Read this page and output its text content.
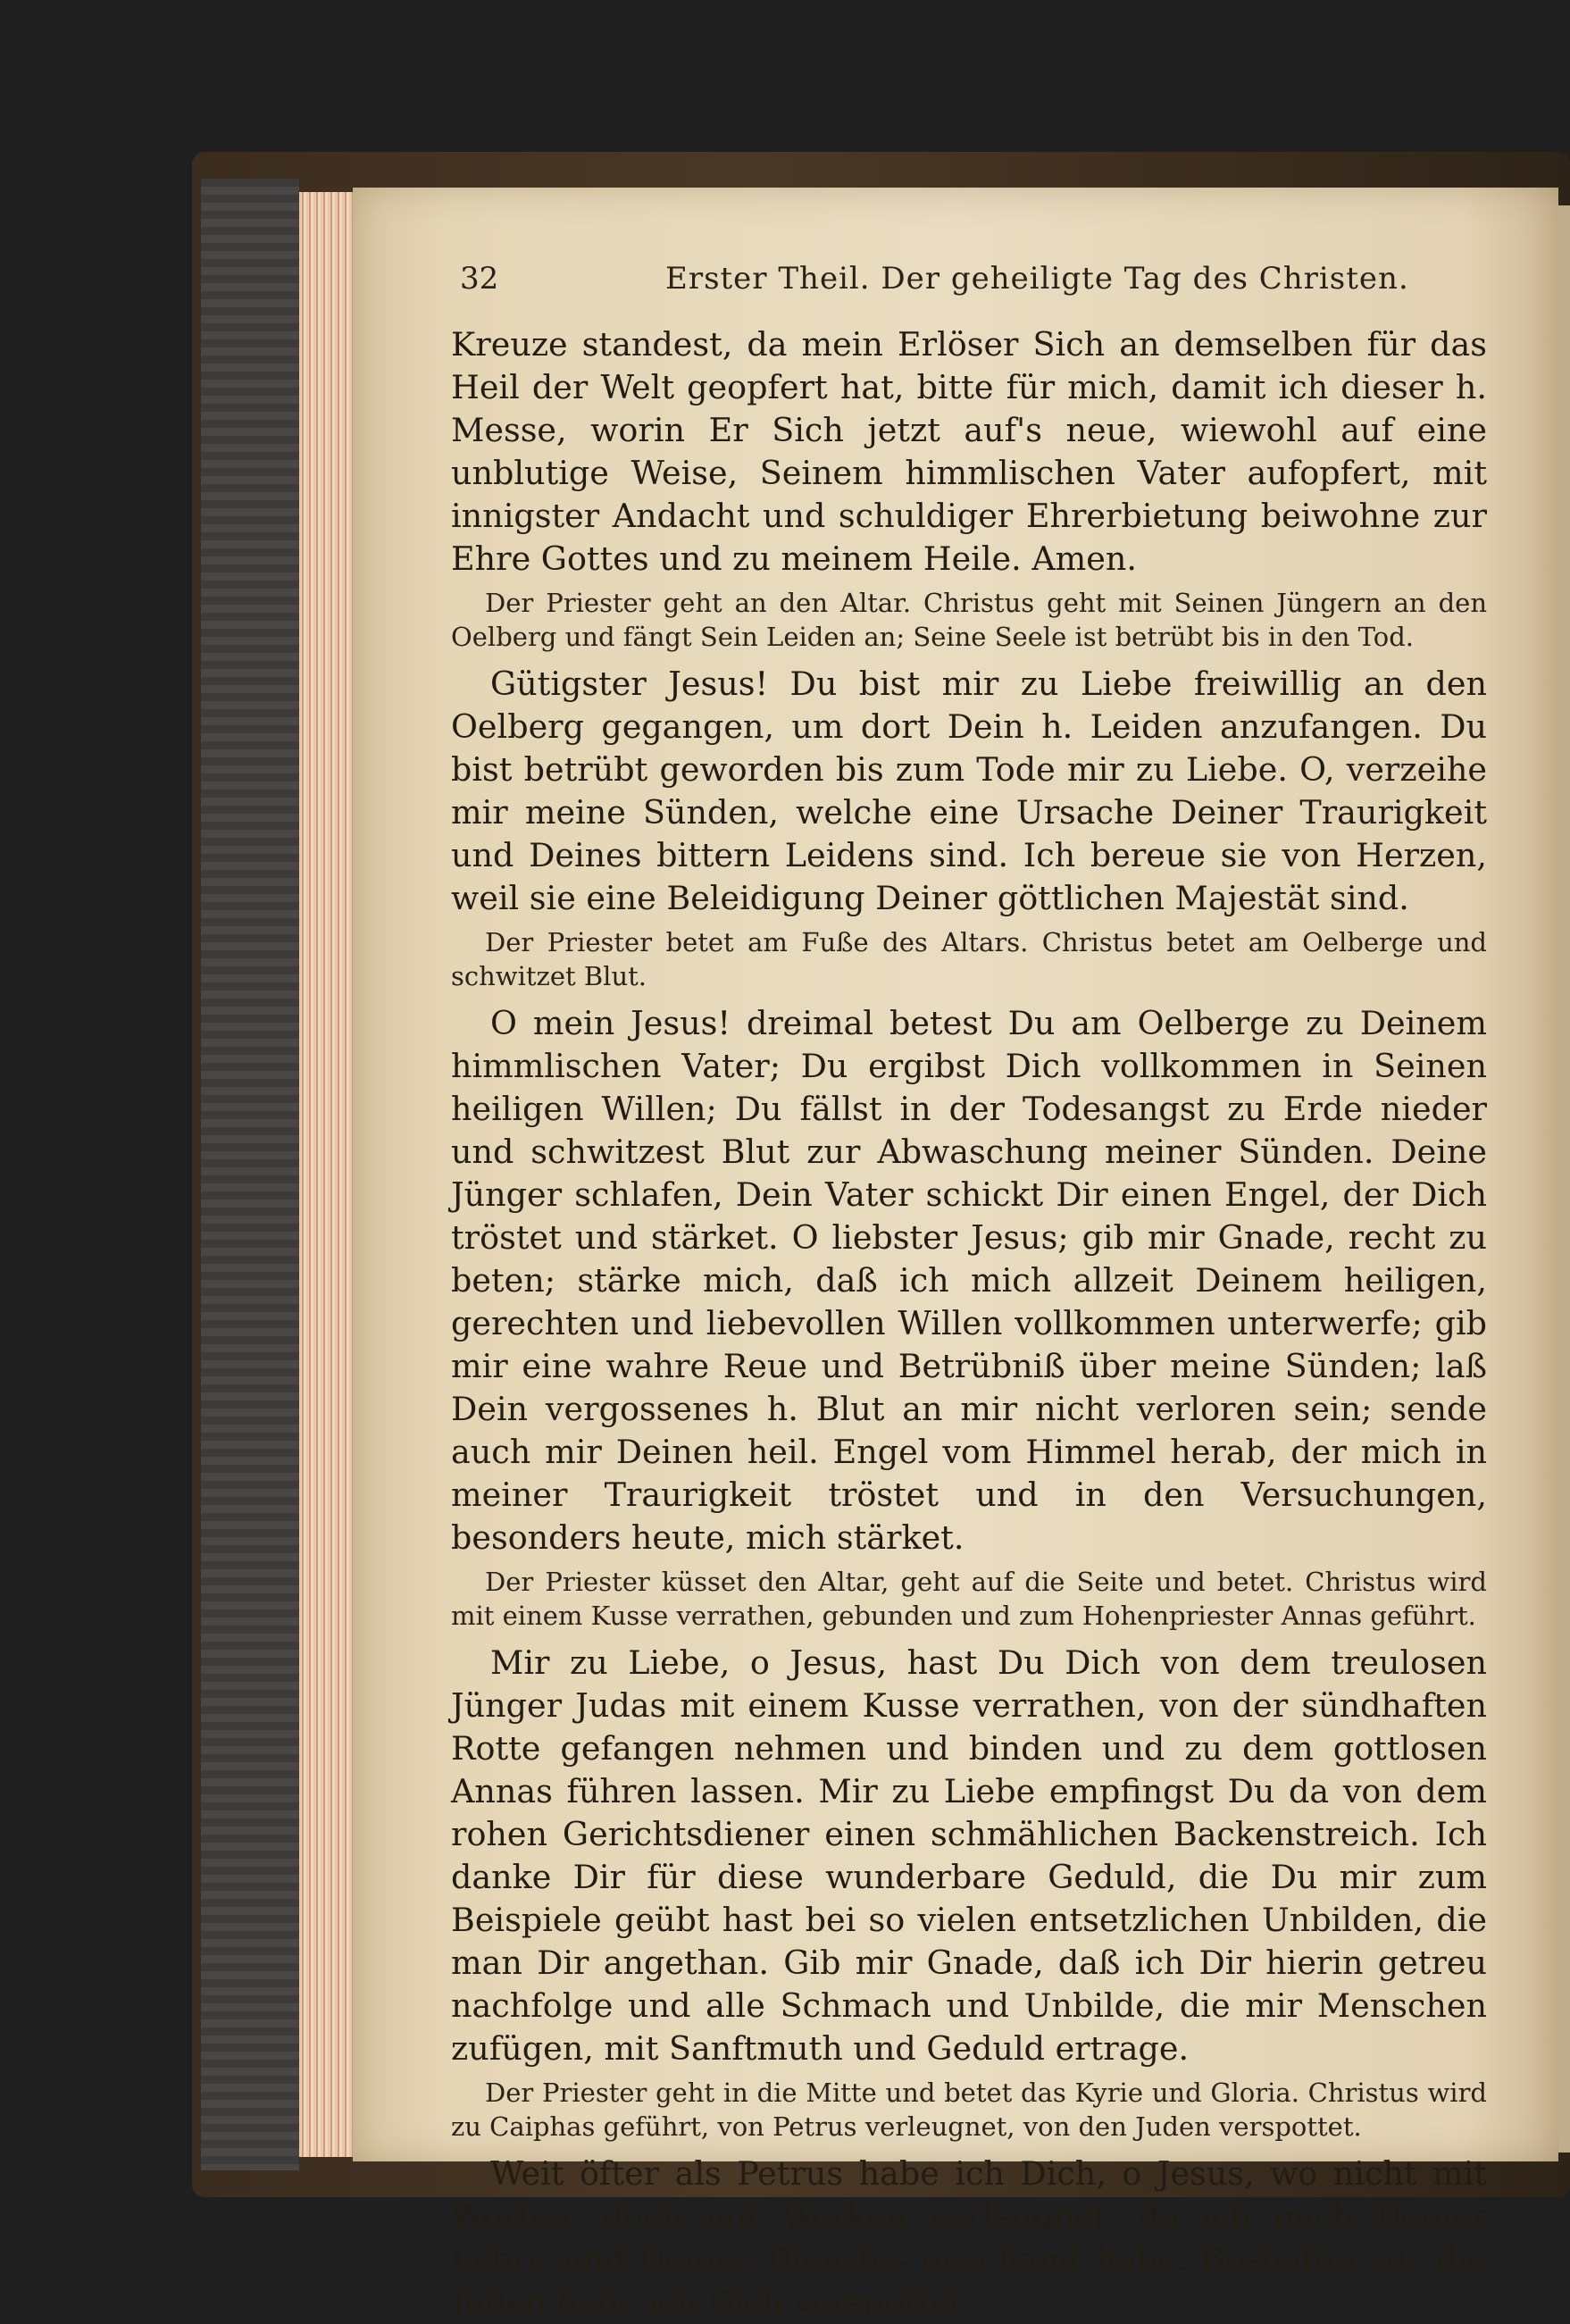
32	Erster Theil. Der geheiligte Tag des Christen.

Kreuze standest, da mein Erlöser Sich an demselben für das Heil der Welt geopfert hat, bitte für mich, damit ich dieser h. Messe, worin Er Sich jetzt auf's neue, wiewohl auf eine unblutige Weise, Seinem himmlischen Vater aufopfert, mit innigster Andacht und schuldiger Ehrerbietung beiwohne zur Ehre Gottes und zu meinem Heile. Amen.

Der Priester geht an den Altar. Christus geht mit Seinen Jüngern an den Oelberg und fängt Sein Leiden an; Seine Seele ist betrübt bis in den Tod.

Gütigster Jesus! Du bist mir zu Liebe freiwillig an den Oelberg gegangen, um dort Dein h. Leiden anzufangen. Du bist betrübt geworden bis zum Tode mir zu Liebe. O, verzeihe mir meine Sünden, welche eine Ursache Deiner Traurigkeit und Deines bittern Leidens sind. Ich bereue sie von Herzen, weil sie eine Beleidigung Deiner göttlichen Majestät sind.

Der Priester betet am Fuße des Altars. Christus betet am Oelberge und schwitzet Blut.

O mein Jesus! dreimal betest Du am Oelberge zu Deinem himmlischen Vater; Du ergibst Dich vollkommen in Seinen heiligen Willen; Du fällst in der Todesangst zu Erde nieder und schwitzest Blut zur Abwaschung meiner Sünden. Deine Jünger schlafen, Dein Vater schickt Dir einen Engel, der Dich tröstet und stärket. O liebster Jesus; gib mir Gnade, recht zu beten; stärke mich, daß ich mich allzeit Deinem heiligen, gerechten und liebevollen Willen vollkommen unterwerfe; gib mir eine wahre Reue und Betrübniß über meine Sünden; laß Dein vergossenes h. Blut an mir nicht verloren sein; sende auch mir Deinen heil. Engel vom Himmel herab, der mich in meiner Traurigkeit tröstet und in den Versuchungen, besonders heute, mich stärket.

Der Priester küsset den Altar, geht auf die Seite und betet. Christus wird mit einem Kusse verrathen, gebunden und zum Hohenpriester Annas geführt.

Mir zu Liebe, o Jesus, hast Du Dich von dem treulosen Jünger Judas mit einem Kusse verrathen, von der sündhaften Rotte gefangen nehmen und binden und zu dem gottlosen Annas führen lassen. Mir zu Liebe empfingst Du da von dem rohen Gerichtsdiener einen schmählichen Backenstreich. Ich danke Dir für diese wunderbare Geduld, die Du mir zum Beispiele geübt hast bei so vielen entsetzlichen Unbilden, die man Dir angethan. Gib mir Gnade, daß ich Dir hierin getreu nachfolge und alle Schmach und Unbilde, die mir Menschen zufügen, mit Sanftmuth und Geduld ertrage.

Der Priester geht in die Mitte und betet das Kyrie und Gloria. Christus wird zu Caiphas geführt, von Petrus verleugnet, von den Juden verspottet.

Weit öfter als Petrus habe ich Dich, o Jesus, wo nicht mit Worten, doch mit Werken verleugnet, da ich mich Deiner Lehre und Deines Dienstes geschämt habe. Boshafter als die Juden habe ich Dich verspottet
